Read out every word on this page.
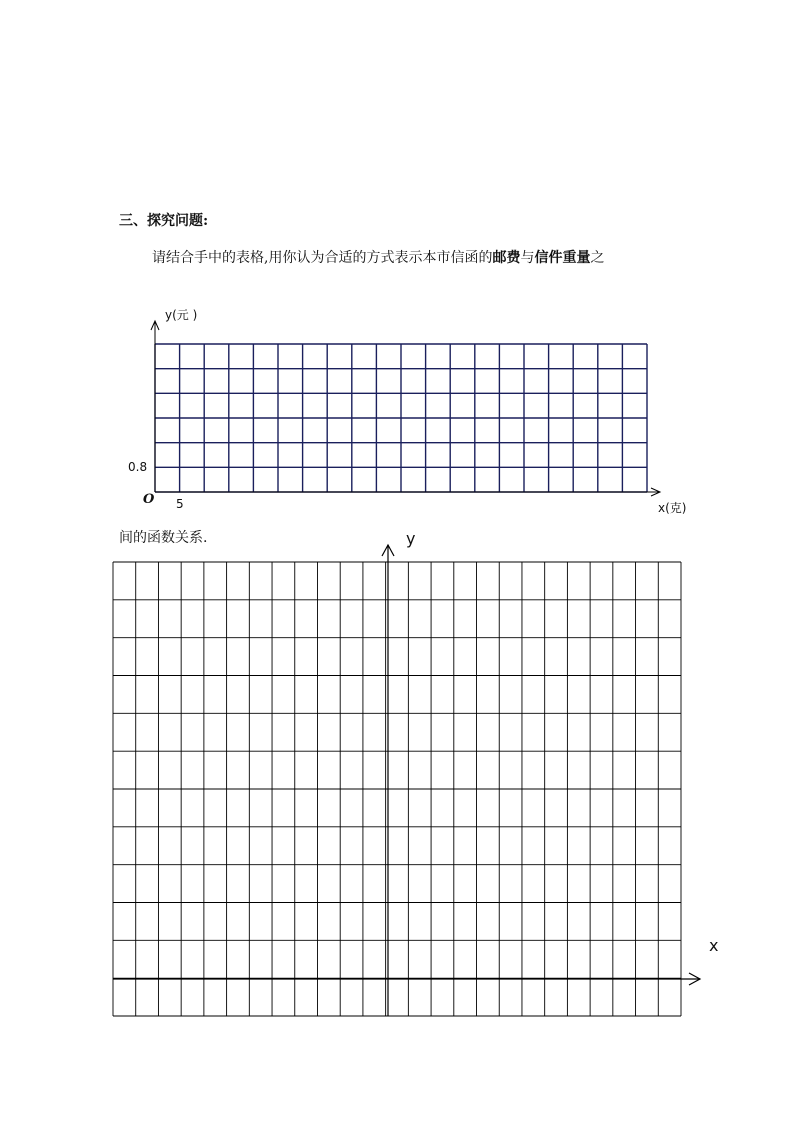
三、探究问题:
请结合手中的表格,用你认为合适的方式表示本市信函的邮费与信件重量之
间的函数关系.
y(元 )
0.8
O 5	x(克)
y
x
